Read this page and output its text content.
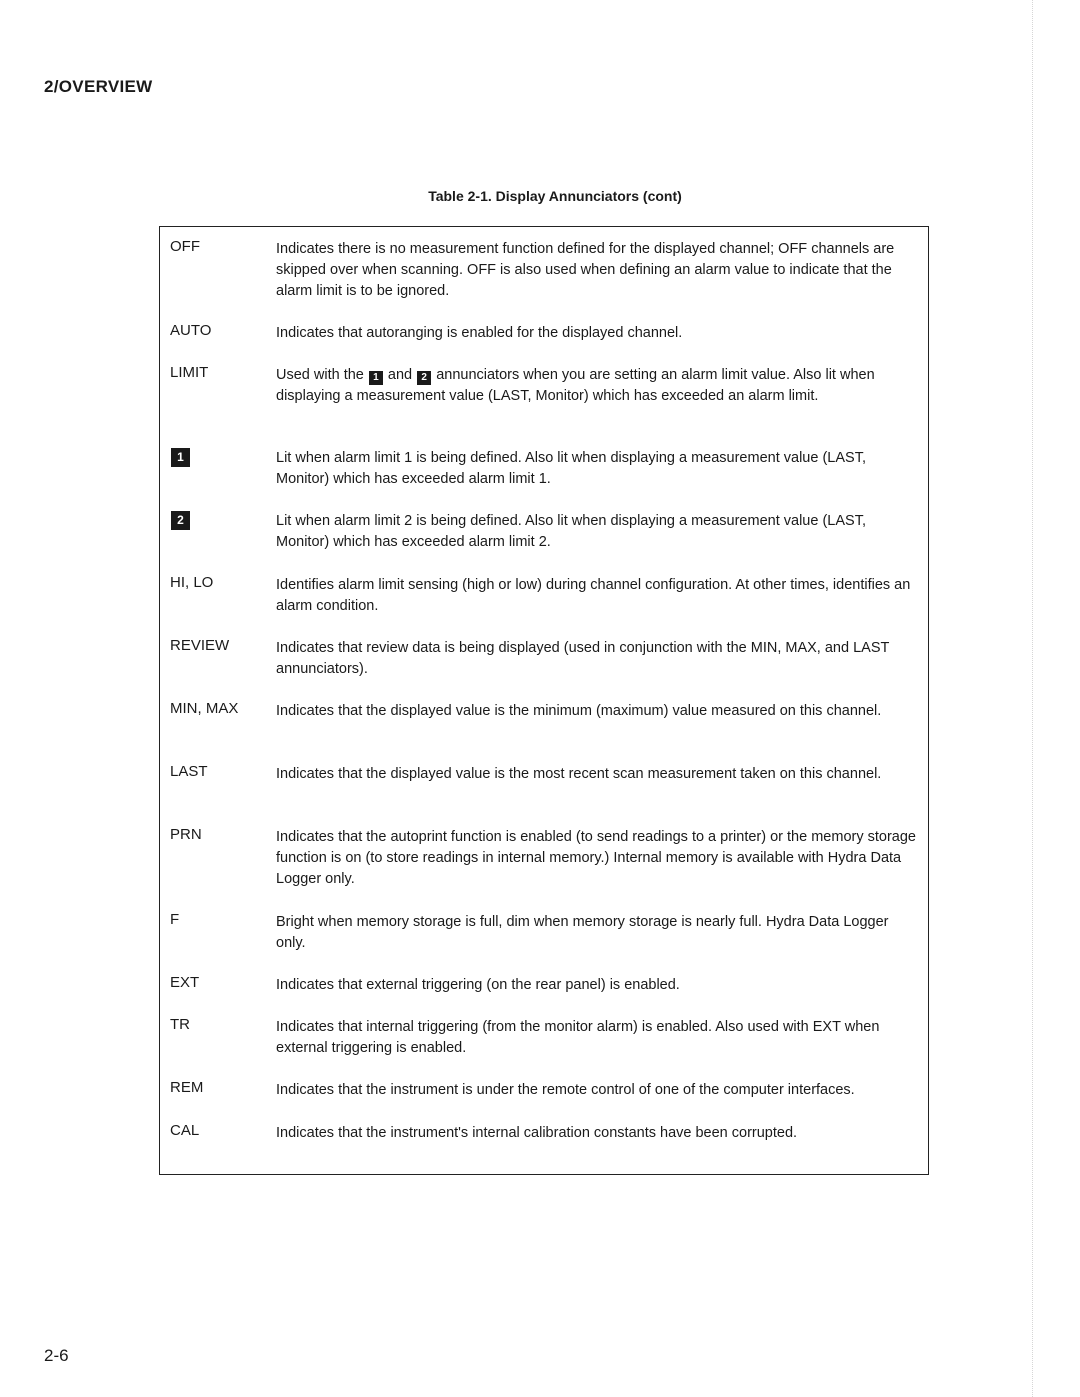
2/OVERVIEW
Table 2-1. Display Annunciators (cont)
OFF	Indicates there is no measurement function defined for the displayed channel; OFF channels are skipped over when scanning. OFF is also used when defining an alarm value to indicate that the alarm limit is to be ignored.
AUTO	Indicates that autoranging is enabled for the displayed channel.
LIMIT	Used with the 1 and 2 annunciators when you are setting an alarm limit value. Also lit when displaying a measurement value (LAST, Monitor) which has exceeded an alarm limit.
1	Lit when alarm limit 1 is being defined. Also lit when displaying a measurement value (LAST, Monitor) which has exceeded alarm limit 1.
2	Lit when alarm limit 2 is being defined. Also lit when displaying a measurement value (LAST, Monitor) which has exceeded alarm limit 2.
HI, LO	Identifies alarm limit sensing (high or low) during channel configuration. At other times, identifies an alarm condition.
REVIEW	Indicates that review data is being displayed (used in conjunction with the MIN, MAX, and LAST annunciators).
MIN, MAX	Indicates that the displayed value is the minimum (maximum) value measured on this channel.
LAST	Indicates that the displayed value is the most recent scan measurement taken on this channel.
PRN	Indicates that the autoprint function is enabled (to send readings to a printer) or the memory storage function is on (to store readings in internal memory.) Internal memory is available with Hydra Data Logger only.
F	Bright when memory storage is full, dim when memory storage is nearly full. Hydra Data Logger only.
EXT	Indicates that external triggering (on the rear panel) is enabled.
TR	Indicates that internal triggering (from the monitor alarm) is enabled. Also used with EXT when external triggering is enabled.
REM	Indicates that the instrument is under the remote control of one of the computer interfaces.
CAL	Indicates that the instrument's internal calibration constants have been corrupted.
2-6
